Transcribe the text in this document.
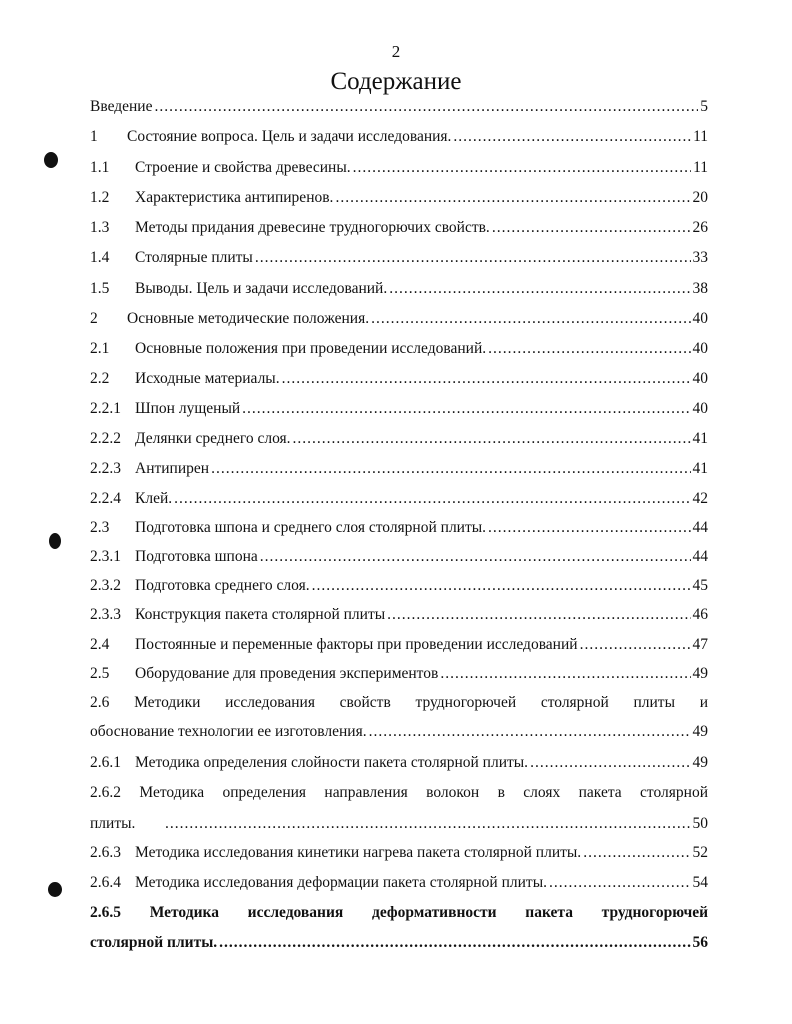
2
Содержание
Введение .....	5
1	Состояние вопроса. Цель и задачи исследования. .....	11
1.1	Строение и свойства древесины. .....	11
1.2	Характеристика антипиренов. .....	20
1.3	Методы придания древесине трудногорючих свойств. .....	26
1.4	Столярные плиты .....	33
1.5	Выводы. Цель и задачи исследований. .....	38
2	Основные методические положения. .....	40
2.1	Основные положения при проведении исследований. .....	40
2.2	Исходные материалы. .....	40
2.2.1 Шпон лущеный .....	40
2.2.2 Делянки среднего слоя. .....	41
2.2.3 Антипирен .....	41
2.2.4 Клей. .....	42
2.3	Подготовка шпона и среднего слоя столярной плиты. .....	44
2.3.1 Подготовка шпона .....	44
2.3.2 Подготовка среднего слоя. .....	45
2.3.3 Конструкция пакета столярной плиты .....	46
2.4	Постоянные и переменные факторы при проведении исследований .....	47
2.5	Оборудование для проведения экспериментов .....	49
2.6 Методики исследования свойств трудногорючей столярной плиты и
обоснование технологии ее изготовления. .....	49
2.6.1 Методика определения слойности пакета столярной плиты. .....	49
2.6.2 Методика определения направления волокон в слоях пакета столярной
плиты. .....	50
2.6.3 Методика исследования кинетики нагрева пакета столярной плиты. .....	52
2.6.4 Методика исследования деформации пакета столярной плиты. .....	54
2.6.5 Методика исследования деформативности пакета трудногорючей
столярной плиты. .....	56
